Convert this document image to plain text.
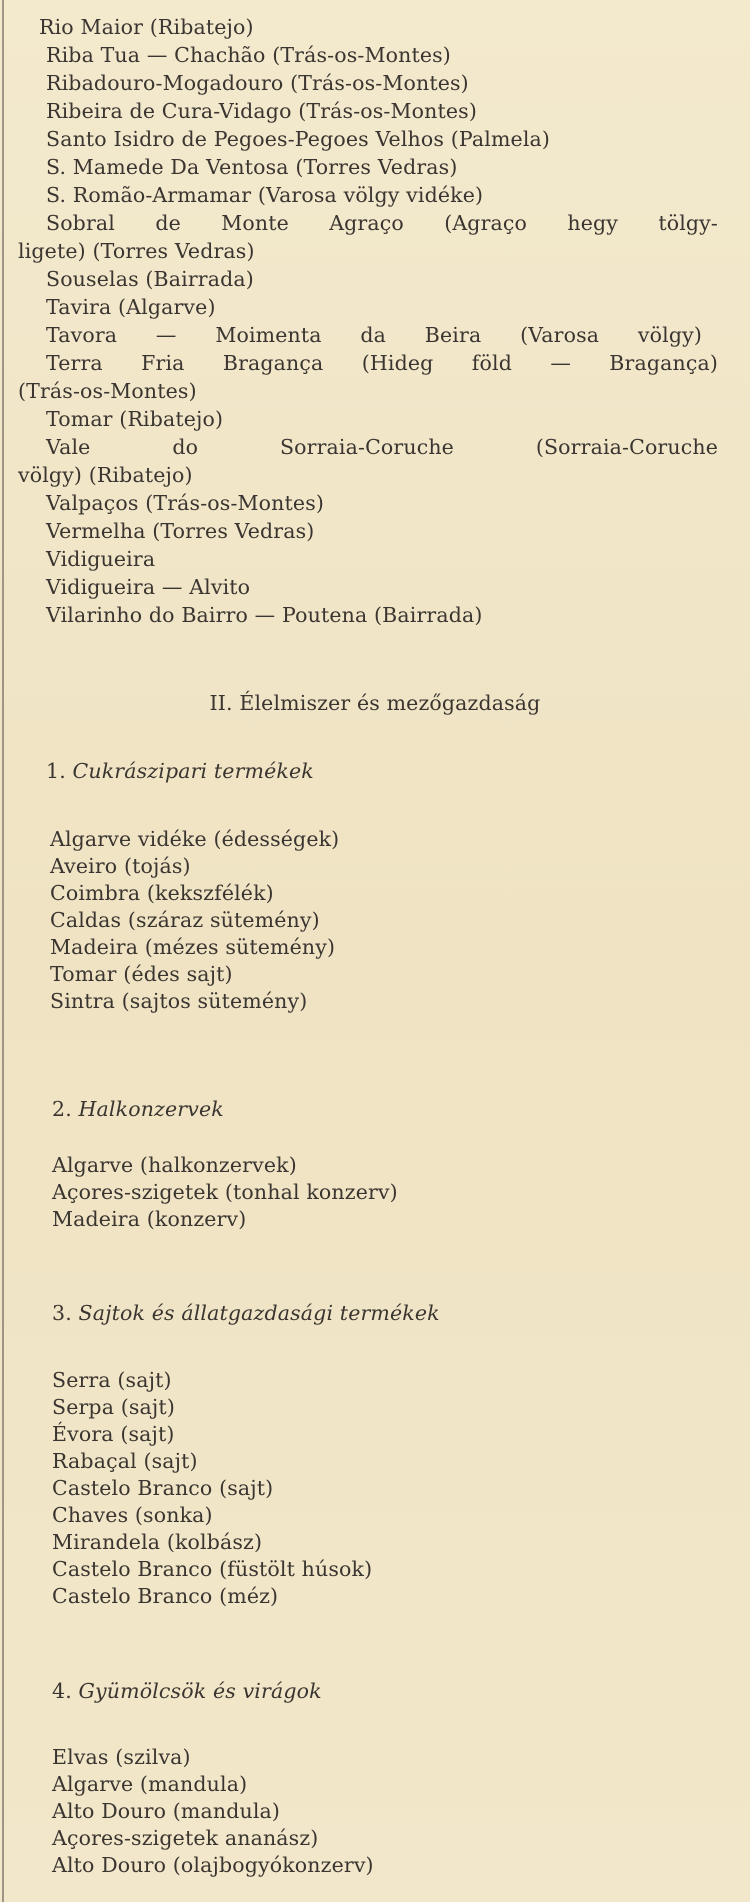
Rio Maior (Ribatejo)
Riba Tua — Chachão (Trás-os-Montes)
Ribadouro-Mogadouro (Trás-os-Montes)
Ribeira de Cura-Vidago (Trás-os-Montes)
Santo Isidro de Pegoes-Pegoes Velhos (Palmela)
S. Mamede Da Ventosa (Torres Vedras)
S. Romão-Armamar (Varosa völgy vidéke)
Sobral de Monte Agraço (Agraço hegy tölgy-
ligete) (Torres Vedras)
Souselas (Bairrada)
Tavira (Algarve)
Tavora — Moimenta da Beira (Varosa völgy)
Terra Fria Bragança (Hideg föld — Bragança)
(Trás-os-Montes)
Tomar (Ribatejo)
Vale do Sorraia-Coruche (Sorraia-Coruche
völgy) (Ribatejo)
Valpaços (Trás-os-Montes)
Vermelha (Torres Vedras)
Vidigueira
Vidigueira — Alvito
Vilarinho do Bairro — Poutena (Bairrada)
II. Élelmiszer és mezőgazdaság
1. Cukrászipari termékek
Algarve vidéke (édességek)
Aveiro (tojás)
Coimbra (kekszfélék)
Caldas (száraz sütemény)
Madeira (mézes sütemény)
Tomar (édes sajt)
Sintra (sajtos sütemény)
2. Halkonzervek
Algarve (halkonzervek)
Açores-szigetek (tonhal konzerv)
Madeira (konzerv)
3. Sajtok és állatgazdasági termékek
Serra (sajt)
Serpa (sajt)
Évora (sajt)
Rabaçal (sajt)
Castelo Branco (sajt)
Chaves (sonka)
Mirandela (kolbász)
Castelo Branco (füstölt húsok)
Castelo Branco (méz)
4. Gyümölcsök és virágok
Elvas (szilva)
Algarve (mandula)
Alto Douro (mandula)
Açores-szigetek ananász)
Alto Douro (olajbogyókonzerv)
